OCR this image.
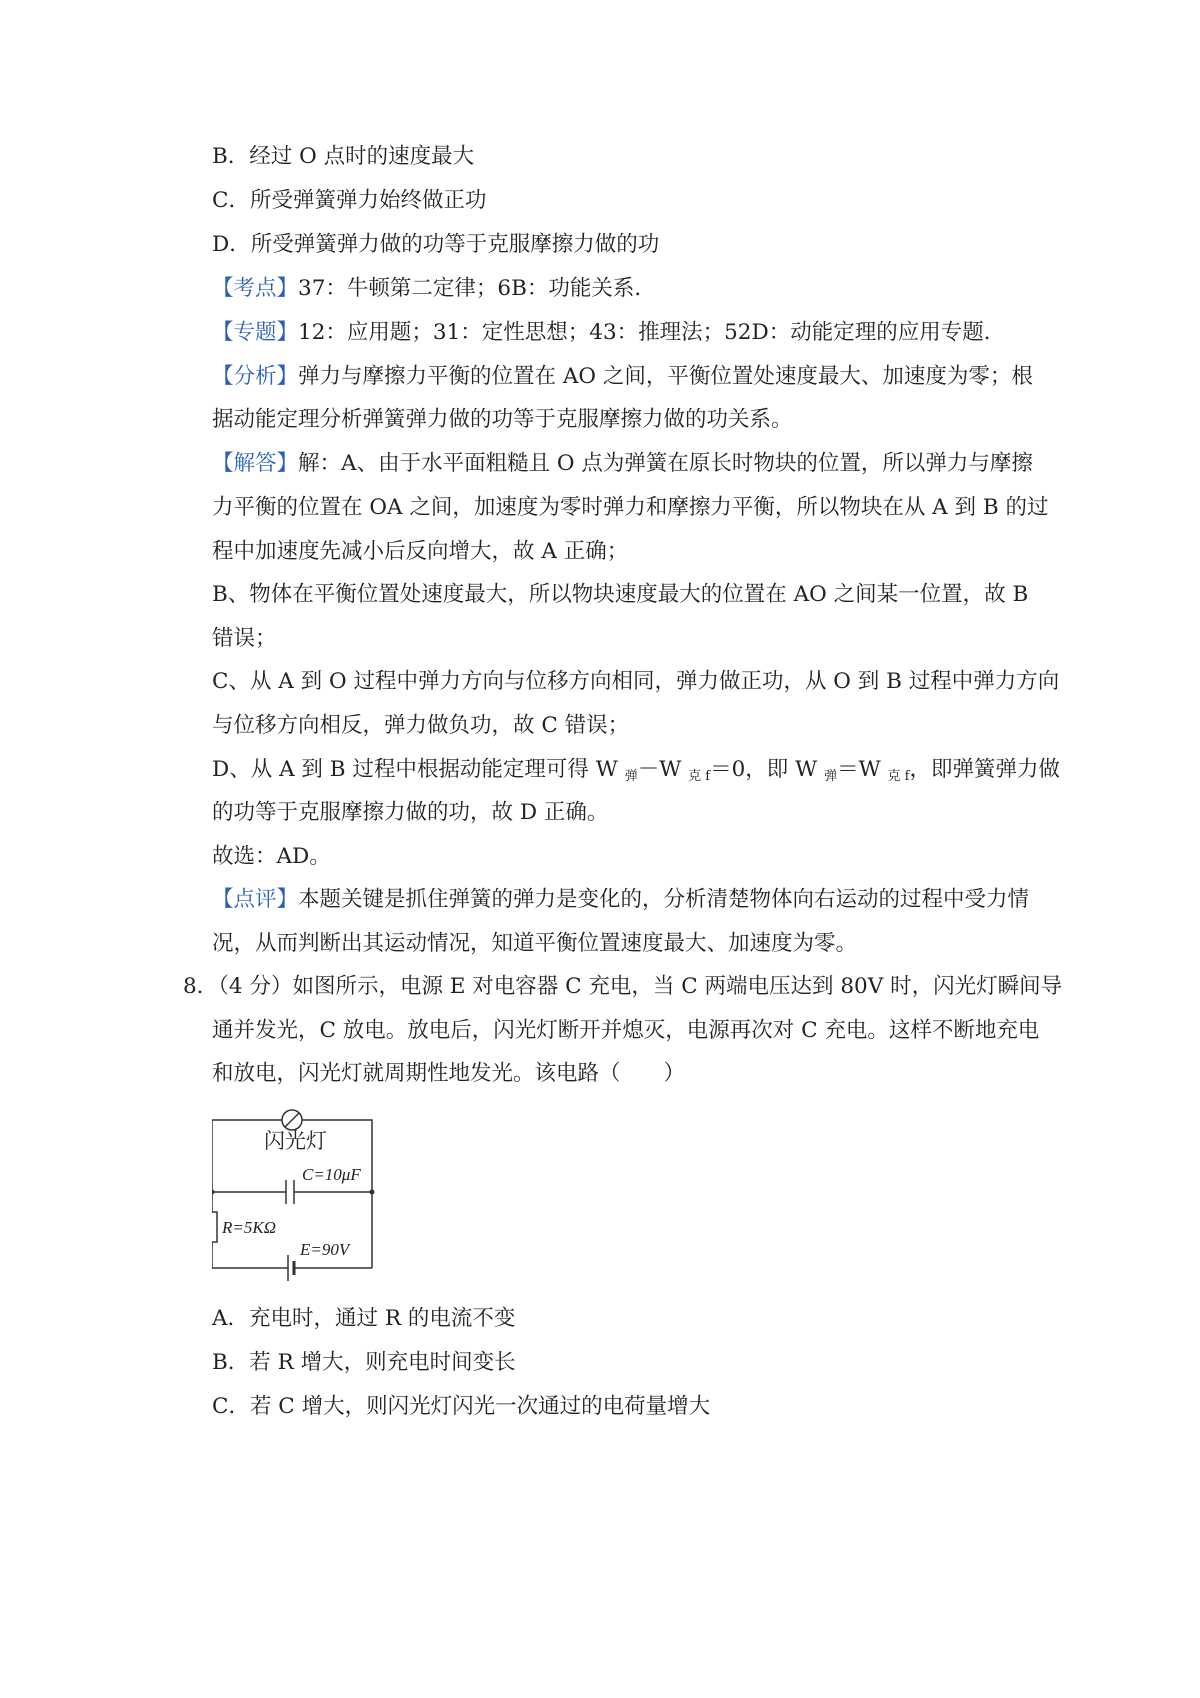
B．经过 O 点时的速度最大
C．所受弹簧弹力始终做正功
D．所受弹簧弹力做的功等于克服摩擦力做的功
【考点】37：牛顿第二定律；6B：功能关系．
【专题】12：应用题；31：定性思想；43：推理法；52D：动能定理的应用专题．
【分析】弹力与摩擦力平衡的位置在 AO 之间，平衡位置处速度最大、加速度为零；根
据动能定理分析弹簧弹力做的功等于克服摩擦力做的功关系。
【解答】解：A、由于水平面粗糙且 O 点为弹簧在原长时物块的位置，所以弹力与摩擦
力平衡的位置在 OA 之间，加速度为零时弹力和摩擦力平衡，所以物块在从 A 到 B 的过
程中加速度先减小后反向增大，故 A 正确；
B、物体在平衡位置处速度最大，所以物块速度最大的位置在 AO 之间某一位置，故 B
错误；
C、从 A 到 O 过程中弹力方向与位移方向相同，弹力做正功，从 O 到 B 过程中弹力方向
与位移方向相反，弹力做负功，故 C 错误；
D、从 A 到 B 过程中根据动能定理可得 W $_弹$－W $_{克 f}$＝0，即 W $_弹$＝W $_{克 f}$，即弹簧弹力做
的功等于克服摩擦力做的功，故 D 正确。
故选：AD。
【点评】本题关键是抓住弹簧的弹力是变化的，分析清楚物体向右运动的过程中受力情
况，从而判断出其运动情况，知道平衡位置速度最大、加速度为零。
8．（4 分）如图所示，电源 E 对电容器 C 充电，当 C 两端电压达到 80V 时，闪光灯瞬间导
通并发光，C 放电。放电后，闪光灯断开并熄灭，电源再次对 C 充电。这样不断地充电
和放电，闪光灯就周期性地发光。该电路（　　）
闪光灯
C=10μF
R=5KΩ
E=90V
A．充电时，通过 R 的电流不变
B．若 R 增大，则充电时间变长
C．若 C 增大，则闪光灯闪光一次通过的电荷量增大
